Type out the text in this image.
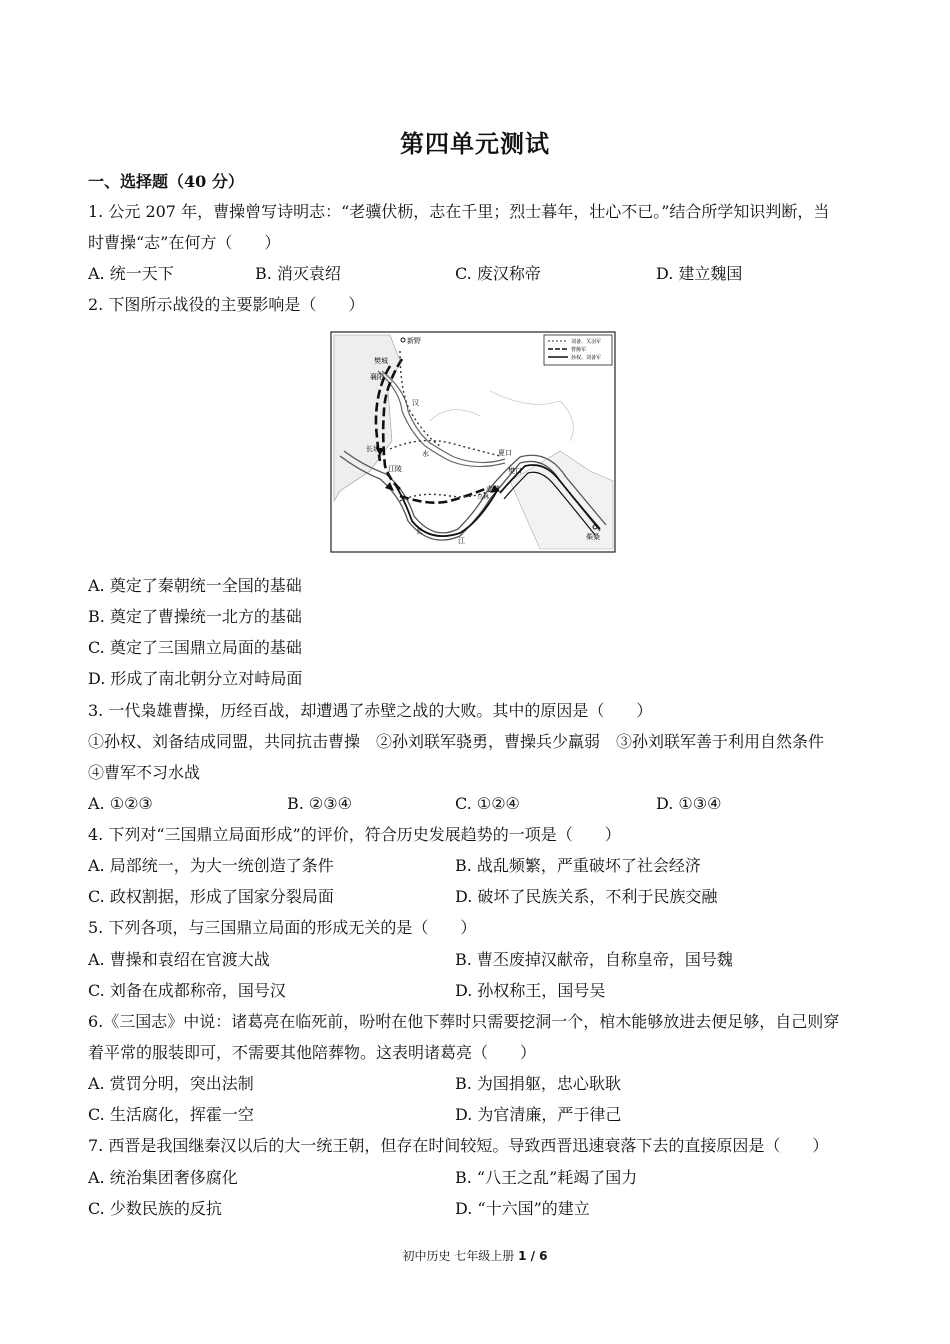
第四单元测试
一、选择题（40 分）
1. 公元 207 年，曹操曾写诗明志：“老骥伏枥，志在千里；烈士暮年，壮心不已。”结合所学知识判断，当
时曹操“志”在何方（　　）
A. 统一天下	B. 消灭袁绍	C. 废汉称帝	D. 建立魏国
2. 下图所示战役的主要影响是（　　）
刘备、关羽军
曹操军
孙权、刘备军
新野
樊城
襄阳
汉
水
长坂
江陵
夏口
樊口
赤壁
乌林
长
江	柴桑
A. 奠定了秦朝统一全国的基础
B. 奠定了曹操统一北方的基础
C. 奠定了三国鼎立局面的基础
D. 形成了南北朝分立对峙局面
3. 一代枭雄曹操，历经百战，却遭遇了赤壁之战的大败。其中的原因是（　　）
①孙权、刘备结成同盟，共同抗击曹操　②孙刘联军骁勇，曹操兵少羸弱　③孙刘联军善于利用自然条件
④曹军不习水战
A. ①②③	B. ②③④	C. ①②④	D. ①③④
4. 下列对“三国鼎立局面形成”的评价，符合历史发展趋势的一项是（　　）
A. 局部统一，为大一统创造了条件	B. 战乱频繁，严重破坏了社会经济
C. 政权割据，形成了国家分裂局面	D. 破坏了民族关系，不利于民族交融
5. 下列各项，与三国鼎立局面的形成无关的是（　　）
A. 曹操和袁绍在官渡大战	B. 曹丕废掉汉献帝，自称皇帝，国号魏
C. 刘备在成都称帝，国号汉	D. 孙权称王，国号吴
6.《三国志》中说：诸葛亮在临死前，吩咐在他下葬时只需要挖洞一个，棺木能够放进去便足够，自己则穿
着平常的服装即可，不需要其他陪葬物。这表明诸葛亮（　　）
A. 赏罚分明，突出法制	B. 为国捐躯，忠心耿耿
C. 生活腐化，挥霍一空	D. 为官清廉，严于律己
7. 西晋是我国继秦汉以后的大一统王朝，但存在时间较短。导致西晋迅速衰落下去的直接原因是（　　）
A. 统治集团奢侈腐化	B. “八王之乱”耗竭了国力
C. 少数民族的反抗	D. “十六国”的建立
初中历史 七年级上册 1 / 6
